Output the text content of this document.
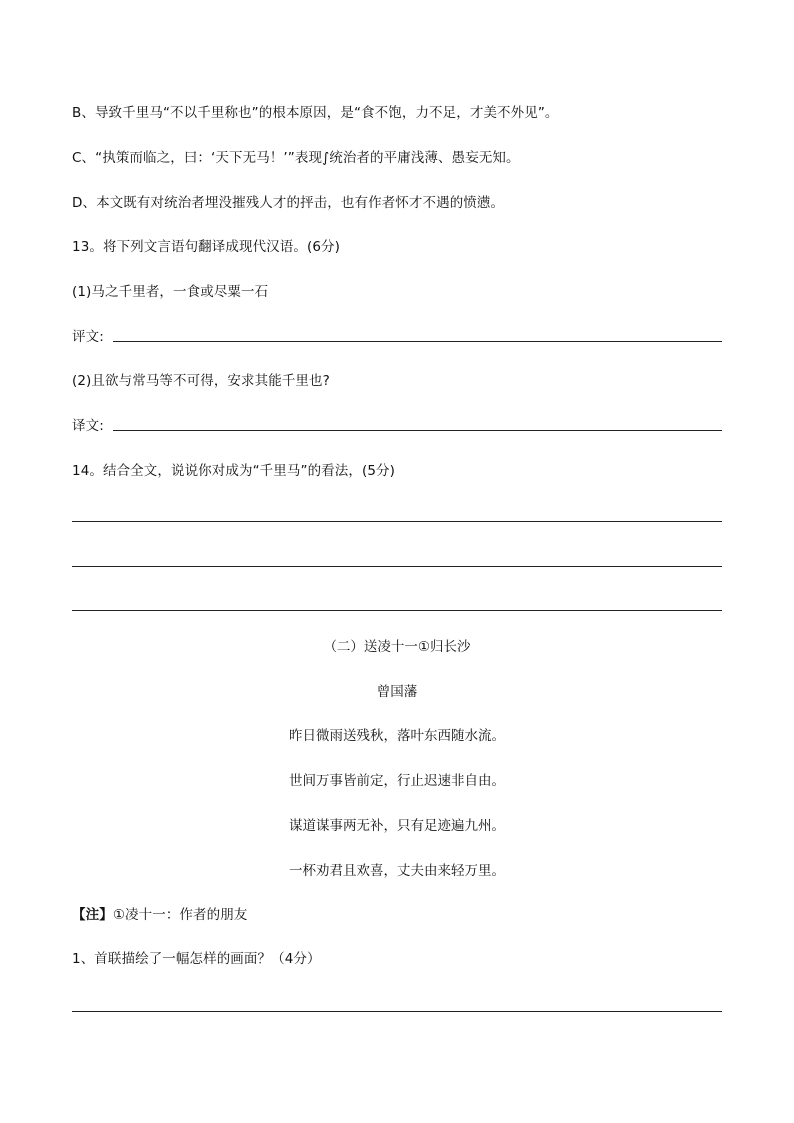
B、导致千里马“不以千里称也”的根本原因，是“食不饱，力不足，才美不外见”。
C、“执策而临之，曰：‘天下无马！’”表现∫统治者的平庸浅薄、愚妄无知。
D、本文既有对统治者埋没摧残人才的抨击，也有作者怀才不遇的愤懑。
13。将下列文言语句翻译成现代汉语。(6分)
(1)马之千里者，一食或尽粟一石
评文:
(2)且欲与常马等不可得，安求其能千里也?
译文:
14。结合全文，说说你对成为“千里马”的看法，(5分)
（二）送凌十一①归长沙
曾国藩
昨日微雨送残秋，落叶东西随水流。
世间万事皆前定，行止迟速非自由。
谋道谋事两无补，只有足迹遍九州。
一杯劝君且欢喜，丈夫由来轻万里。
【注】①凌十一：作者的朋友
1、首联描绘了一幅怎样的画面？（4分）
